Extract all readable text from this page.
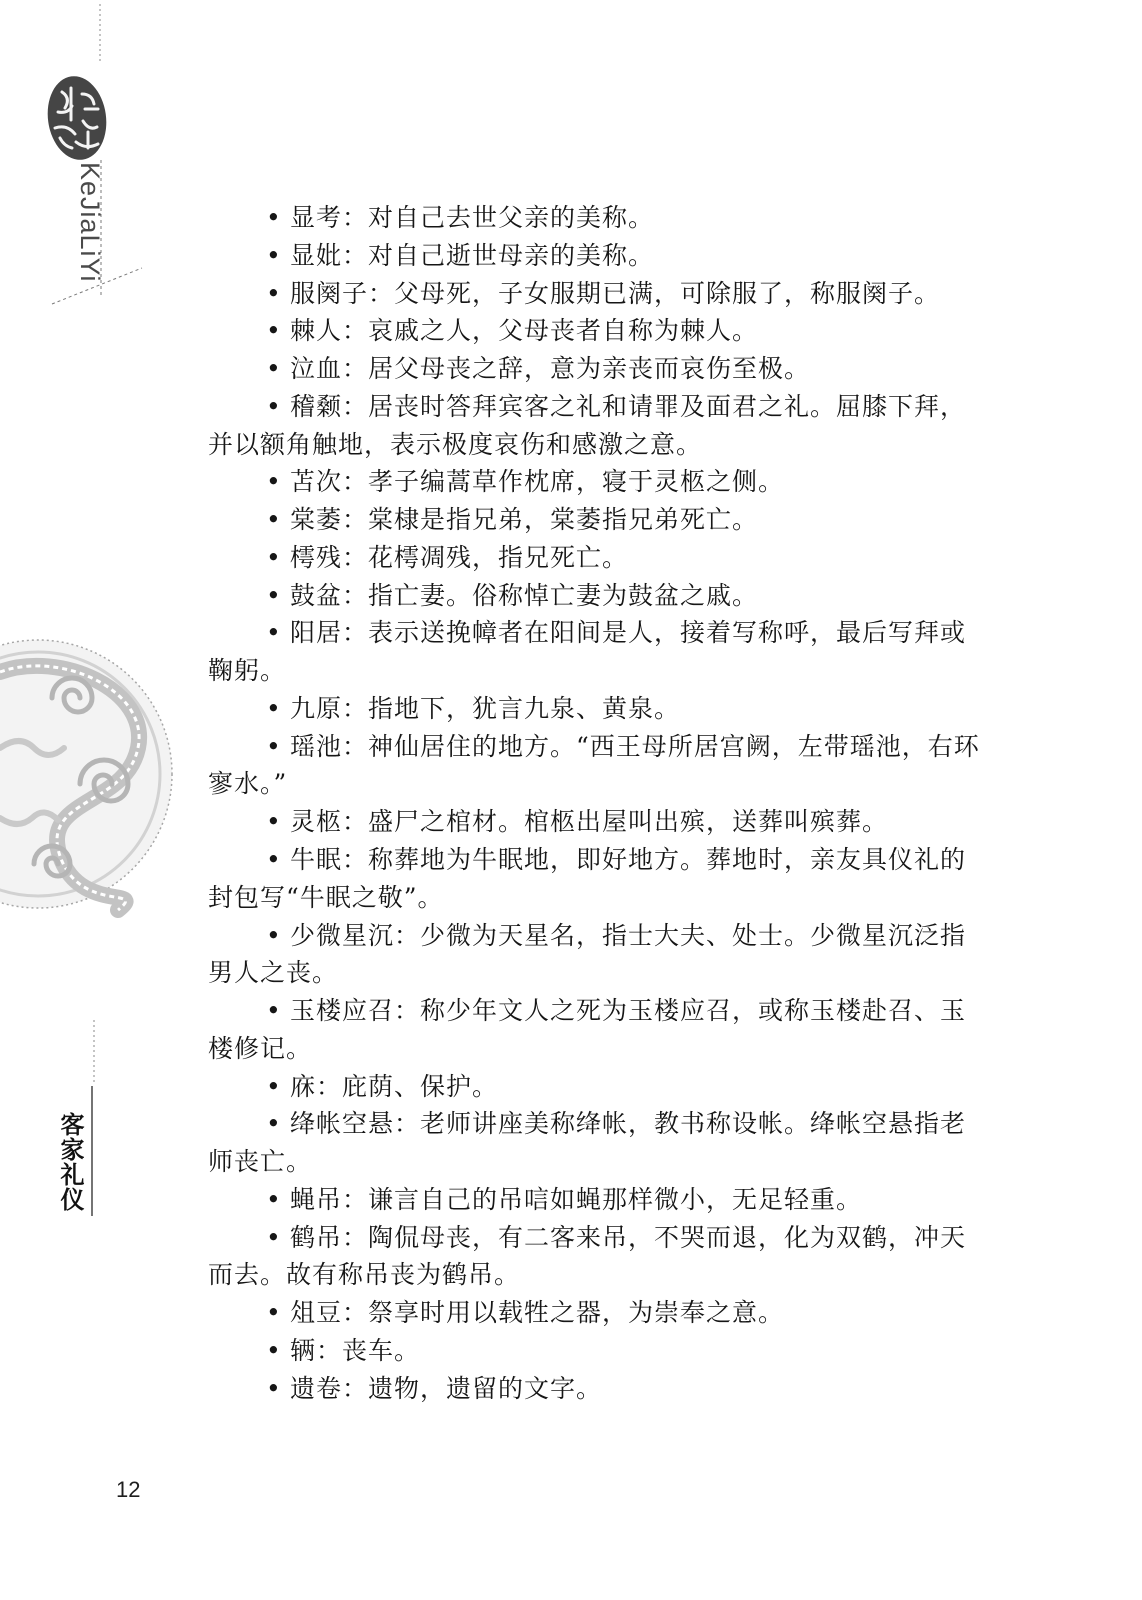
KeJiaLiYi
客家礼仪
12
• 显考：对自己去世父亲的美称。
• 显妣：对自己逝世母亲的美称。
• 服阕子：父母死，子女服期已满，可除服了，称服阕子。
• 棘人：哀戚之人，父母丧者自称为棘人。
• 泣血：居父母丧之辞，意为亲丧而哀伤至极。
• 稽颡：居丧时答拜宾客之礼和请罪及面君之礼。屈膝下拜，
并以额角触地，表示极度哀伤和感激之意。
• 苫次：孝子编蒿草作枕席，寝于灵柩之侧。
• 棠萎：棠棣是指兄弟，棠萎指兄弟死亡。
• 樗残：花樗凋残，指兄死亡。
• 鼓盆：指亡妻。俗称悼亡妻为鼓盆之戚。
• 阳居：表示送挽幛者在阳间是人，接着写称呼，最后写拜或
鞠躬。
• 九原：指地下，犹言九泉、黄泉。
• 瑶池：神仙居住的地方。“西王母所居宫阙，左带瑶池，右环
寥水。”
• 灵柩：盛尸之棺材。棺柩出屋叫出殡，送葬叫殡葬。
• 牛眠：称葬地为牛眠地，即好地方。葬地时，亲友具仪礼的
封包写“牛眠之敬”。
• 少微星沉：少微为天星名，指士大夫、处士。少微星沉泛指
男人之丧。
• 玉楼应召：称少年文人之死为玉楼应召，或称玉楼赴召、玉
楼修记。
• 庥：庇荫、保护。
• 绛帐空悬：老师讲座美称绛帐，教书称设帐。绛帐空悬指老
师丧亡。
• 蝇吊：谦言自己的吊唁如蝇那样微小，无足轻重。
• 鹤吊：陶侃母丧，有二客来吊，不哭而退，化为双鹤，冲天
而去。故有称吊丧为鹤吊。
• 俎豆：祭享时用以载牲之器，为崇奉之意。
• 辆：丧车。
• 遗卷：遗物，遗留的文字。
